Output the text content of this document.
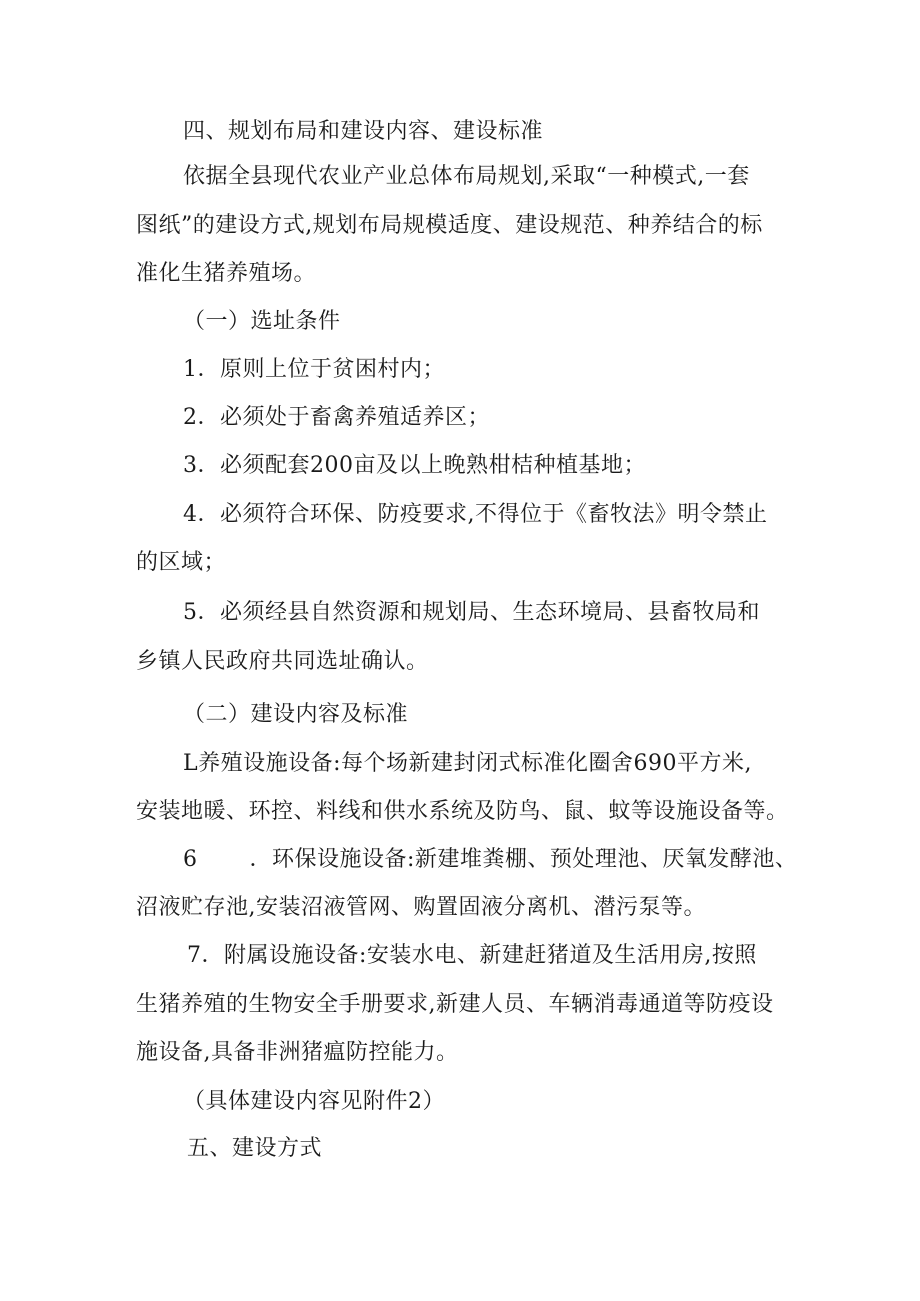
四、规划布局和建设内容、建设标准
依据全县现代农业产业总体布局规划,采取“一种模式,一套
图纸”的建设方式,规划布局规模适度、建设规范、种养结合的标
准化生猪养殖场。
（一）选址条件
1．原则上位于贫困村内；
2．必须处于畜禽养殖适养区；
3．必须配套200亩及以上晚熟柑桔种植基地；
4．必须符合环保、防疫要求,不得位于《畜牧法》明令禁止
的区域；
5．必须经县自然资源和规划局、生态环境局、县畜牧局和
乡镇人民政府共同选址确认。
（二）建设内容及标准
L养殖设施设备:每个场新建封闭式标准化圈舍690平方米,
安装地暖、环控、料线和供水系统及防鸟、鼠、蚊等设施设备等。
6 ．环保设施设备:新建堆粪棚、预处理池、厌氧发酵池、
沼液贮存池,安装沼液管网、购置固液分离机、潜污泵等。
7．附属设施设备:安装水电、新建赶猪道及生活用房,按照
生猪养殖的生物安全手册要求,新建人员、车辆消毒通道等防疫设
施设备,具备非洲猪瘟防控能力。
（具体建设内容见附件2）
五、建设方式
